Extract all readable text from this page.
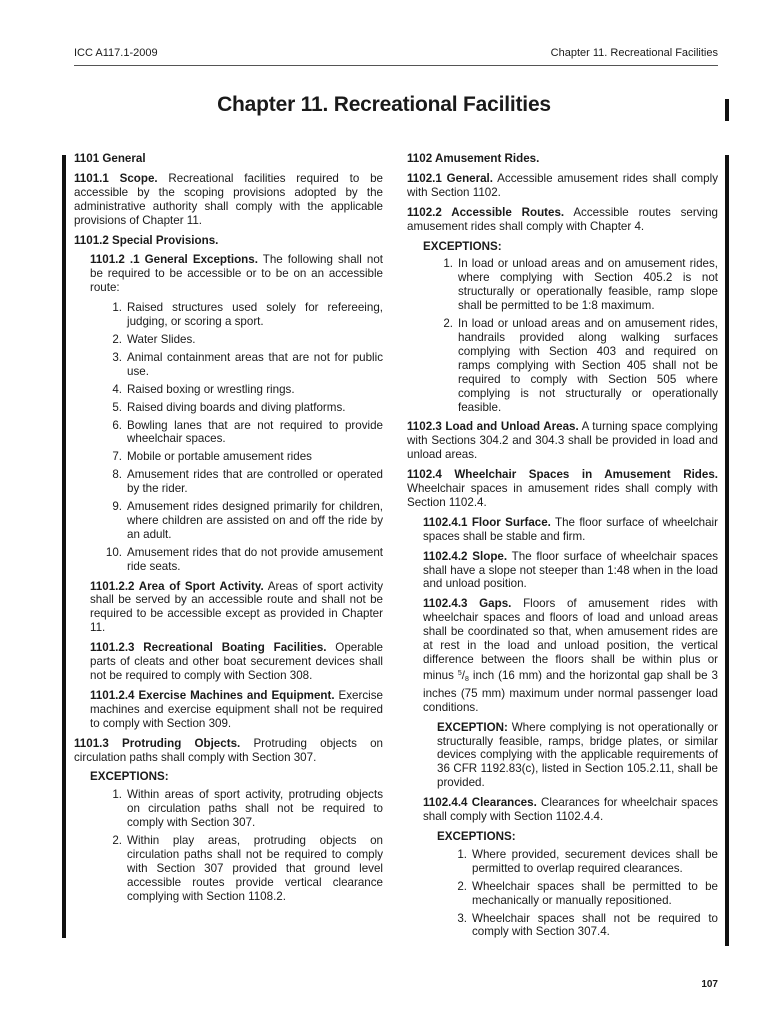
ICC A117.1-2009	Chapter 11. Recreational Facilities
Chapter 11. Recreational Facilities
1101 General

1101.1 Scope. Recreational facilities required to be accessible by the scoping provisions adopted by the administrative authority shall comply with the applicable provisions of Chapter 11.

1101.2 Special Provisions.

1101.2 .1 General Exceptions. The following shall not be required to be accessible or to be on an accessible route:

1. Raised structures used solely for refereeing, judging, or scoring a sport.
2. Water Slides.
3. Animal containment areas that are not for public use.
4. Raised boxing or wrestling rings.
5. Raised diving boards and diving platforms.
6. Bowling lanes that are not required to provide wheelchair spaces.
7. Mobile or portable amusement rides
8. Amusement rides that are controlled or operated by the rider.
9. Amusement rides designed primarily for children, where children are assisted on and off the ride by an adult.
10. Amusement rides that do not provide amusement ride seats.

1101.2.2 Area of Sport Activity. Areas of sport activity shall be served by an accessible route and shall not be required to be accessible except as provided in Chapter 11.

1101.2.3 Recreational Boating Facilities. Operable parts of cleats and other boat securement devices shall not be required to comply with Section 308.

1101.2.4 Exercise Machines and Equipment. Exercise machines and exercise equipment shall not be required to comply with Section 309.

1101.3 Protruding Objects. Protruding objects on circulation paths shall comply with Section 307.

EXCEPTIONS:
1. Within areas of sport activity, protruding objects on circulation paths shall not be required to comply with Section 307.
2. Within play areas, protruding objects on circulation paths shall not be required to comply with Section 307 provided that ground level accessible routes provide vertical clearance complying with Section 1108.2.
1102 Amusement Rides.

1102.1 General. Accessible amusement rides shall comply with Section 1102.

1102.2 Accessible Routes. Accessible routes serving amusement rides shall comply with Chapter 4.

EXCEPTIONS:
1. In load or unload areas and on amusement rides, where complying with Section 405.2 is not structurally or operationally feasible, ramp slope shall be permitted to be 1:8 maximum.
2. In load or unload areas and on amusement rides, handrails provided along walking surfaces complying with Section 403 and required on ramps complying with Section 405 shall not be required to comply with Section 505 where complying is not structurally or operationally feasible.

1102.3 Load and Unload Areas. A turning space complying with Sections 304.2 and 304.3 shall be provided in load and unload areas.

1102.4 Wheelchair Spaces in Amusement Rides. Wheelchair spaces in amusement rides shall comply with Section 1102.4.

1102.4.1 Floor Surface. The floor surface of wheelchair spaces shall be stable and firm.

1102.4.2 Slope. The floor surface of wheelchair spaces shall have a slope not steeper than 1:48 when in the load and unload position.

1102.4.3 Gaps. Floors of amusement rides with wheelchair spaces and floors of load and unload areas shall be coordinated so that, when amusement rides are at rest in the load and unload position, the vertical difference between the floors shall be within plus or minus $^5/_8$ inch (16 mm) and the horizontal gap shall be 3 inches (75 mm) maximum under normal passenger load conditions.

EXCEPTION: Where complying is not operationally or structurally feasible, ramps, bridge plates, or similar devices complying with the applicable requirements of 36 CFR 1192.83(c), listed in Section 105.2.11, shall be provided.

1102.4.4 Clearances. Clearances for wheelchair spaces shall comply with Section 1102.4.4.

EXCEPTIONS:
1. Where provided, securement devices shall be permitted to overlap required clearances.
2. Wheelchair spaces shall be permitted to be mechanically or manually repositioned.
3. Wheelchair spaces shall not be required to comply with Section 307.4.
107
